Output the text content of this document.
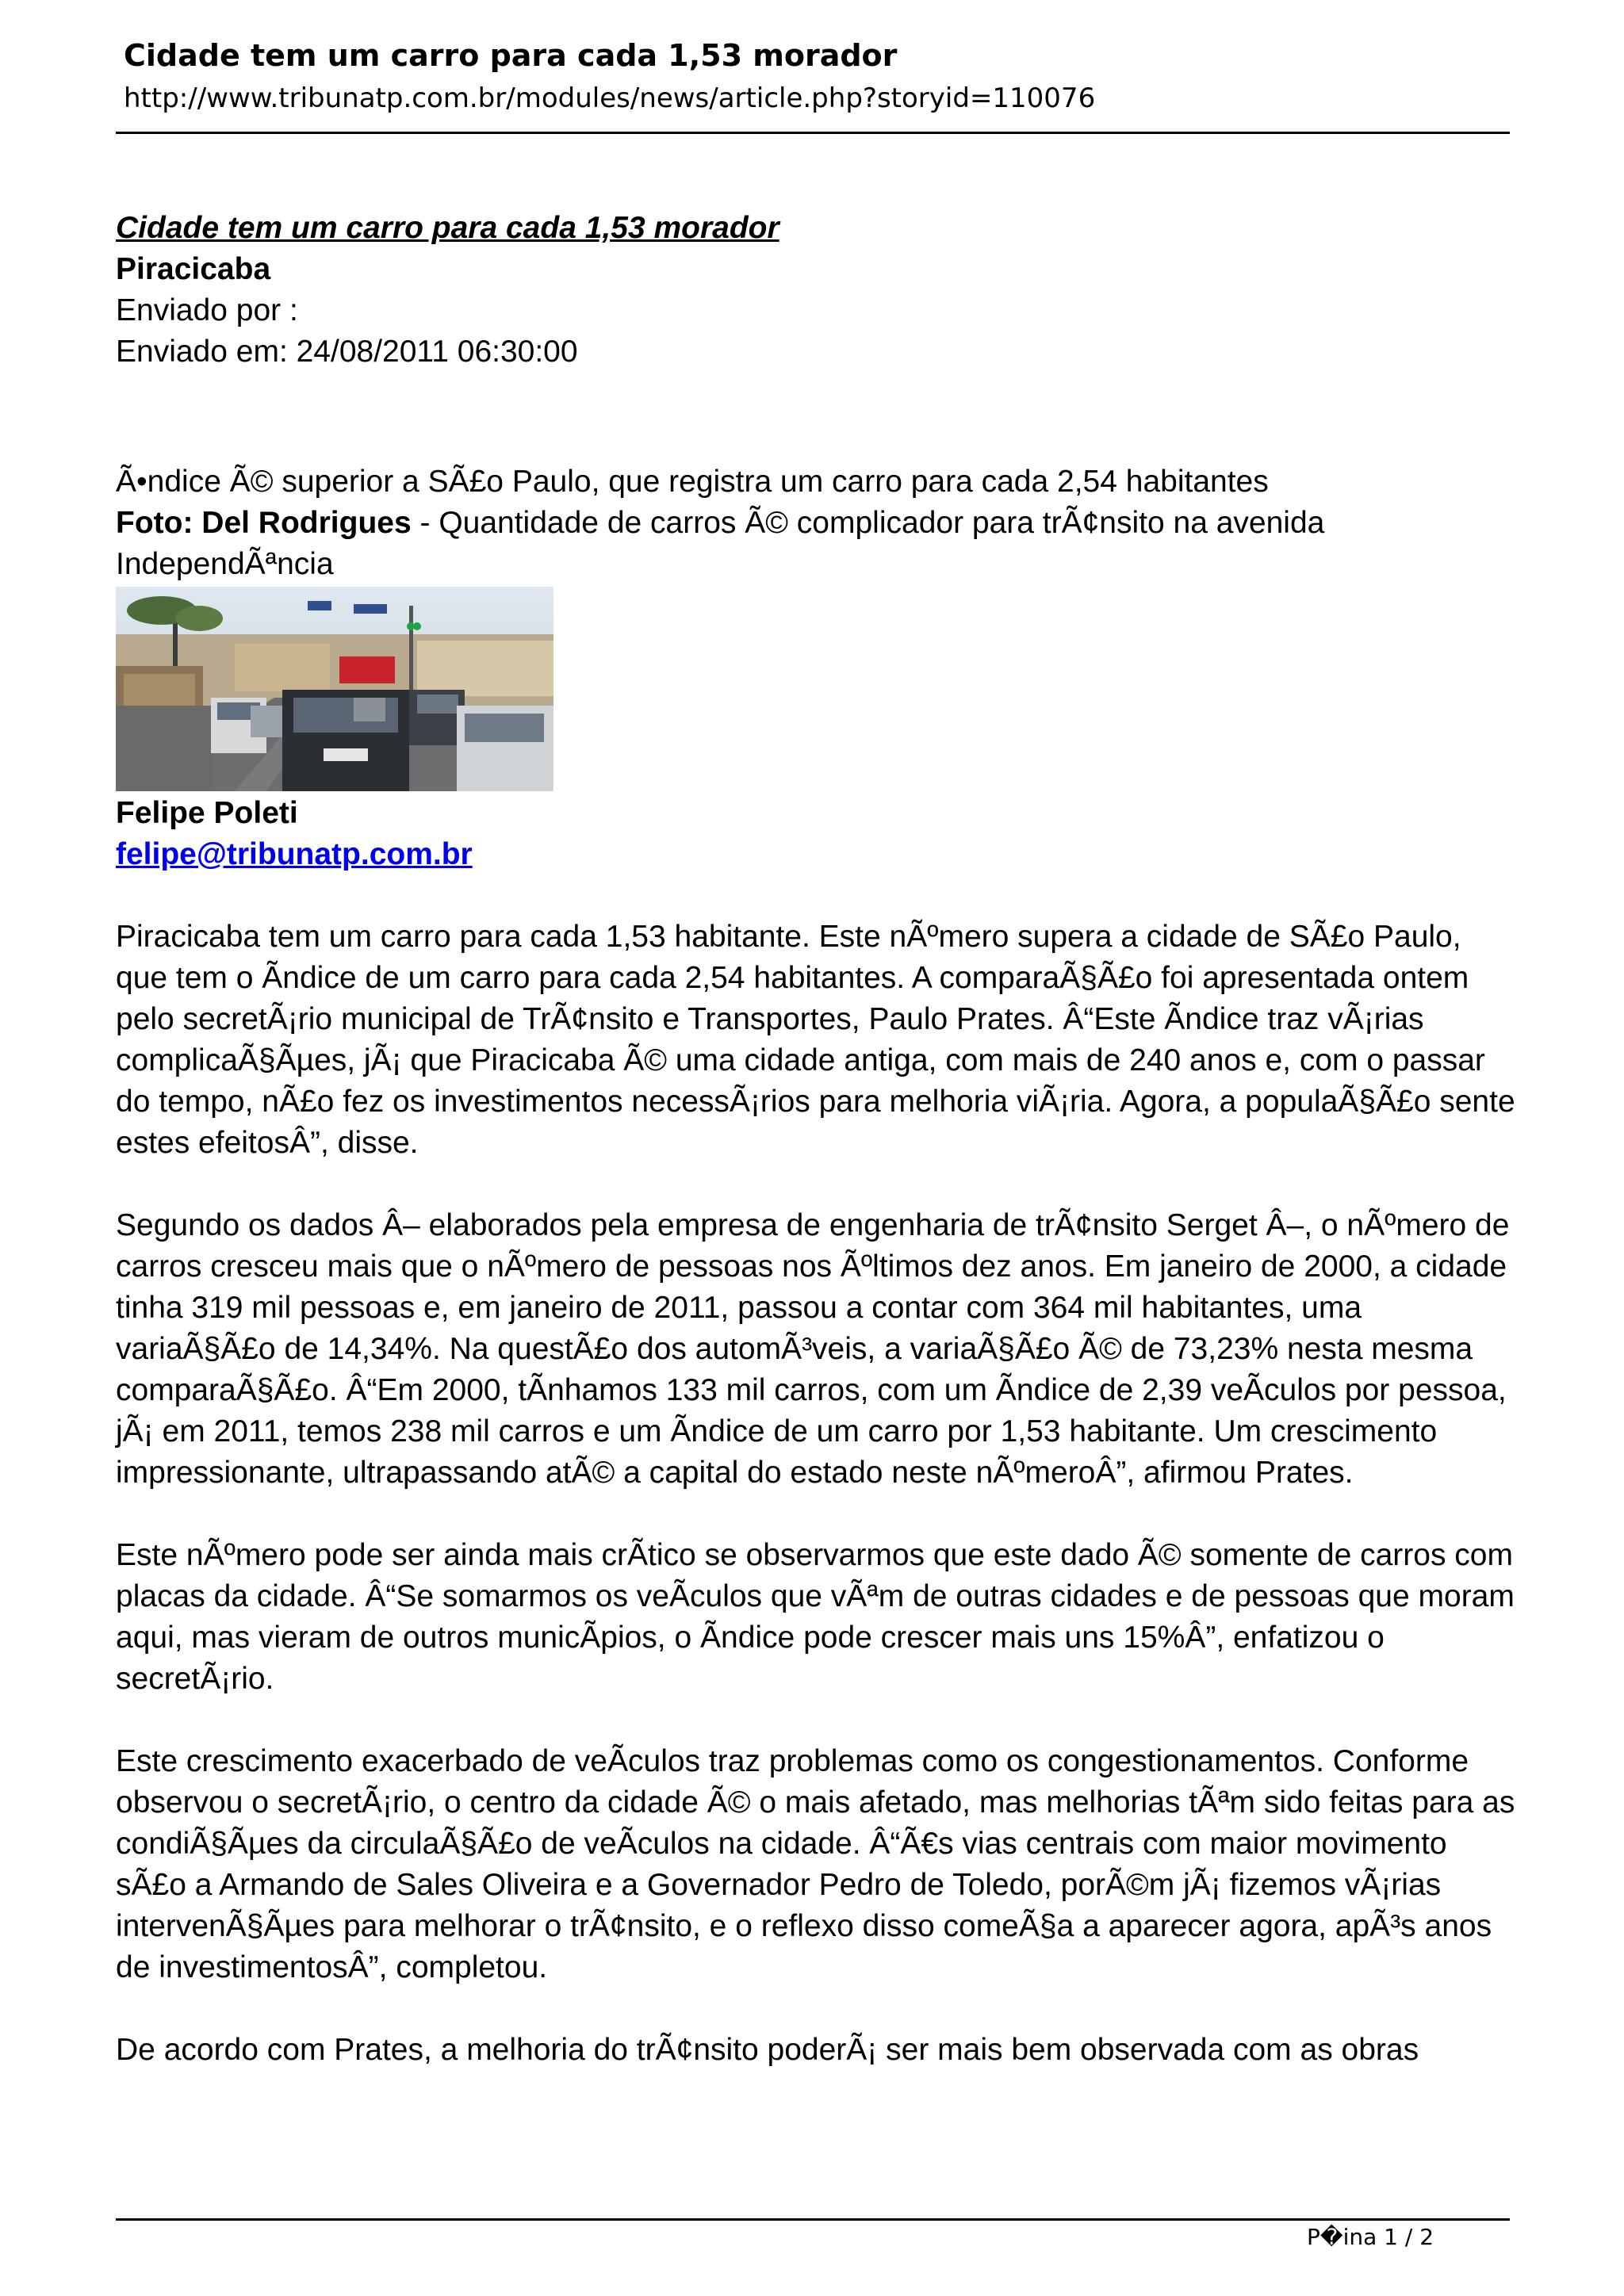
Cidade tem um carro para cada 1,53 morador
http://www.tribunatp.com.br/modules/news/article.php?storyid=110076

Cidade tem um carro para cada 1,53 morador

Piracicaba

Enviado por :

Enviado em: 24/08/2011 06:30:00

Ã•ndice Ã© superior a SÃ£o Paulo, que registra um carro para cada 2,54 habitantes

Foto: Del Rodrigues - Quantidade de carros Ã© complicador para trÃ¢nsito na avenida IndependÃªncia

Felipe Poleti

felipe@tribunatp.com.br

Piracicaba tem um carro para cada 1,53 habitante. Este nÃºmero supera a cidade de SÃ£o Paulo, que tem o Ãndice de um carro para cada 2,54 habitantes. A comparaÃ§Ã£o foi apresentada ontem pelo secretÃ¡rio municipal de TrÃ¢nsito e Transportes, Paulo Prates. Â“Este Ãndice traz vÃ¡rias complicaÃ§Ãµes, jÃ¡ que Piracicaba Ã© uma cidade antiga, com mais de 240 anos e, com o passar do tempo, nÃ£o fez os investimentos necessÃ¡rios para melhoria viÃ¡ria. Agora, a populaÃ§Ã£o sente estes efeitosÂ”, disse.

Segundo os dados Â– elaborados pela empresa de engenharia de trÃ¢nsito Serget Â–, o nÃºmero de carros cresceu mais que o nÃºmero de pessoas nos Ãºltimos dez anos. Em janeiro de 2000, a cidade tinha 319 mil pessoas e, em janeiro de 2011, passou a contar com 364 mil habitantes, uma variaÃ§Ã£o de 14,34%. Na questÃ£o dos automÃ³veis, a variaÃ§Ã£o Ã© de 73,23% nesta mesma comparaÃ§Ã£o. Â“Em 2000, tÃnhamos 133 mil carros, com um Ãndice de 2,39 veÃculos por pessoa, jÃ¡ em 2011, temos 238 mil carros e um Ãndice de um carro por 1,53 habitante. Um crescimento impressionante, ultrapassando atÃ© a capital do estado neste nÃºmeroÂ”, afirmou Prates.

Este nÃºmero pode ser ainda mais crÃtico se observarmos que este dado Ã© somente de carros com placas da cidade. Â“Se somarmos os veÃculos que vÃªm de outras cidades e de pessoas que moram aqui, mas vieram de outros municÃpios, o Ãndice pode crescer mais uns 15%Â”, enfatizou o secretÃ¡rio.

Este crescimento exacerbado de veÃculos traz problemas como os congestionamentos. Conforme observou o secretÃ¡rio, o centro da cidade Ã© o mais afetado, mas melhorias tÃªm sido feitas para as condiÃ§Ãµes da circulaÃ§Ã£o de veÃculos na cidade. Â“Ã€s vias centrais com maior movimento sÃ£o a Armando de Sales Oliveira e a Governador Pedro de Toledo, porÃ©m jÃ¡ fizemos vÃ¡rias intervenÃ§Ãµes para melhorar o trÃ¢nsito, e o reflexo disso comeÃ§a a aparecer agora, apÃ³s anos de investimentosÂ”, completou.

De acordo com Prates, a melhoria do trÃ¢nsito poderÃ¡ ser mais bem observada com as obras

P�ina 1 / 2
